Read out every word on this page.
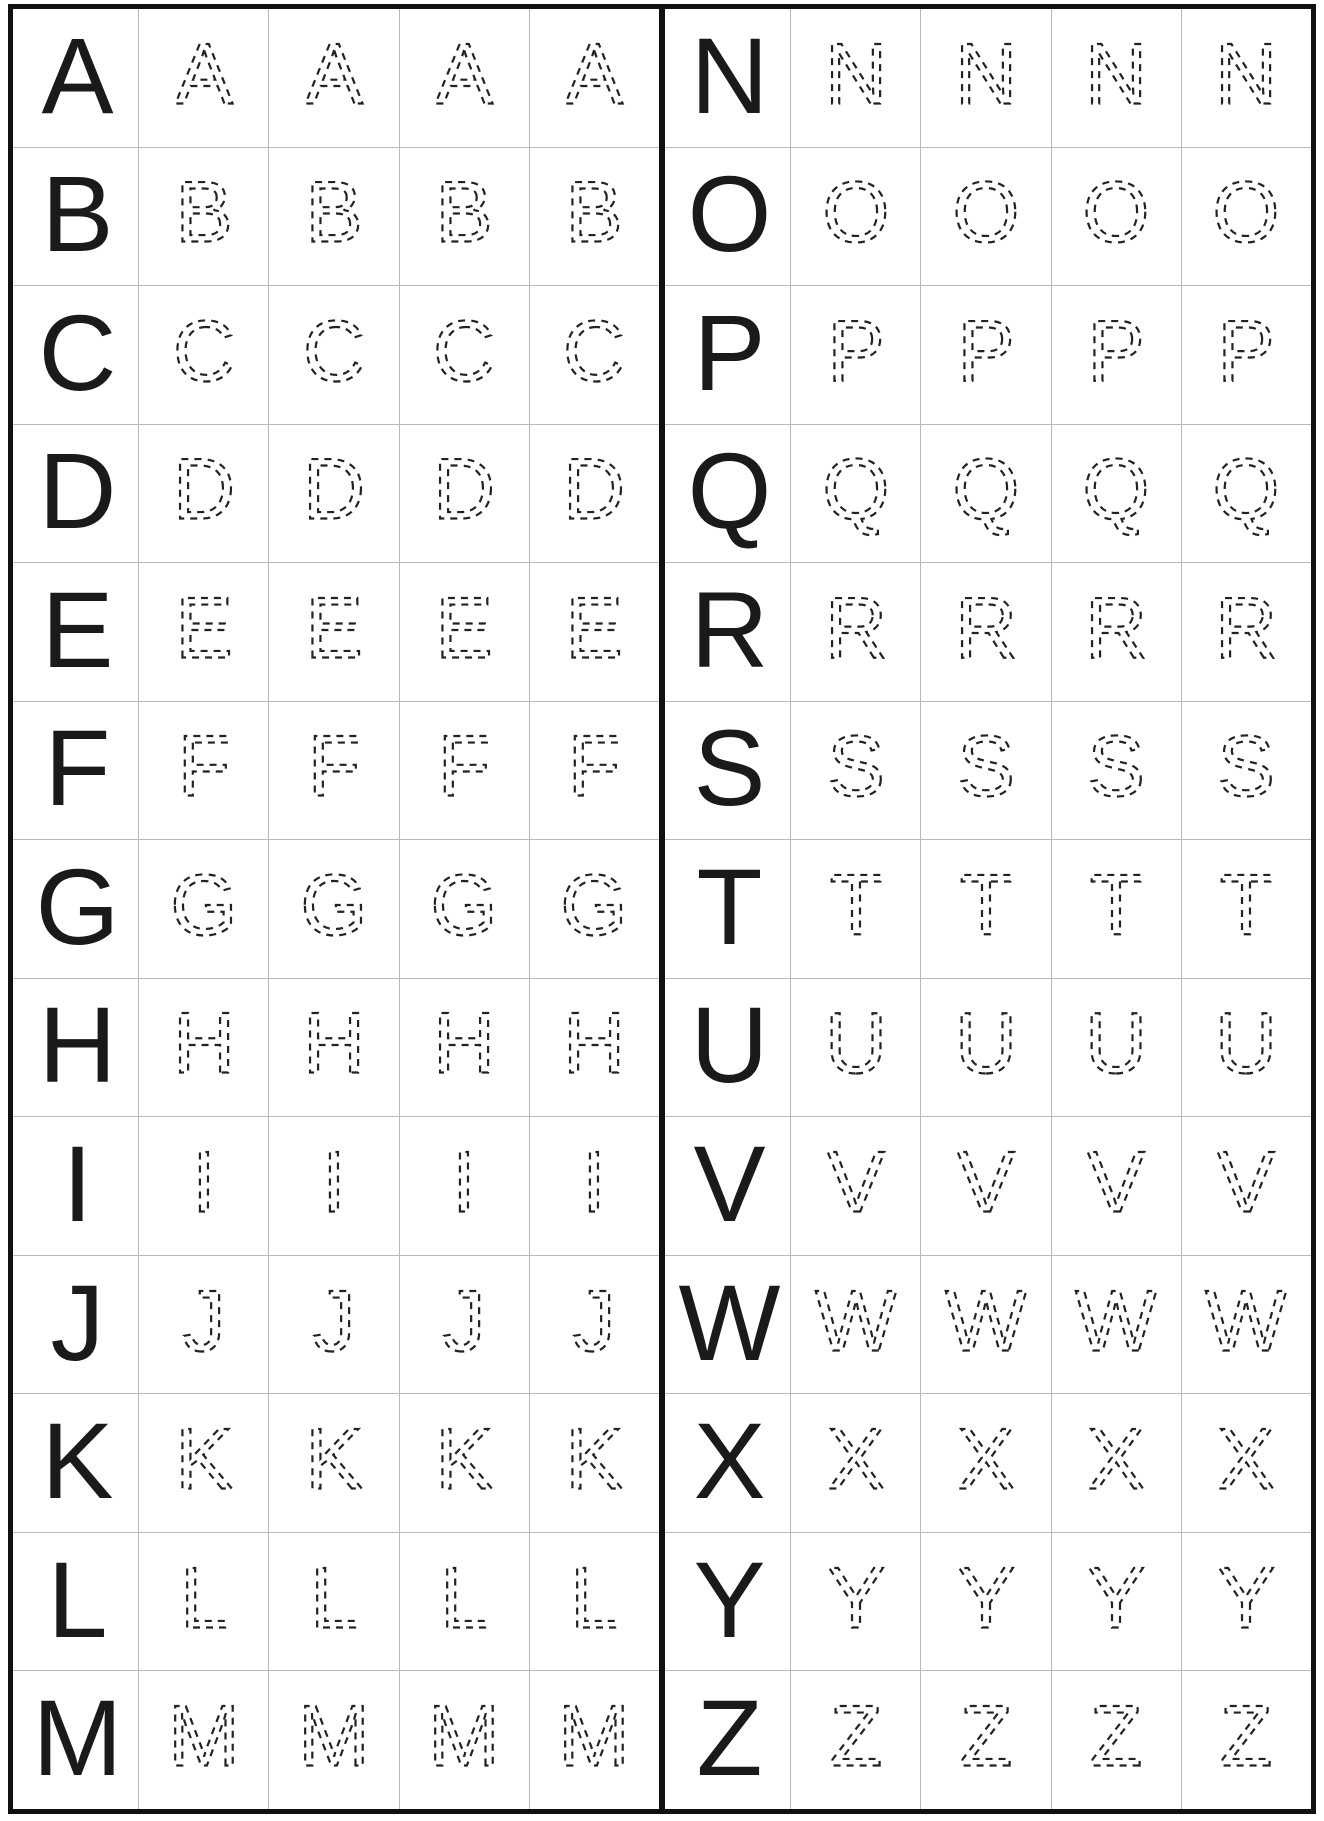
A A A A A
B B B B B
C C C C C
D D D D D
E E E E E
F F F F F
G G G G G
H H H H H
I I I I I
J J J J J
K K K K K
L L L L L
M M M M M
N N N N N
O O O O O
P P P P P
Q Q Q Q Q
R R R R R
S S S S S
T T T T T
U U U U U
V V V V V
W W W W W
X X X X X
Y Y Y Y Y
Z Z Z Z Z
